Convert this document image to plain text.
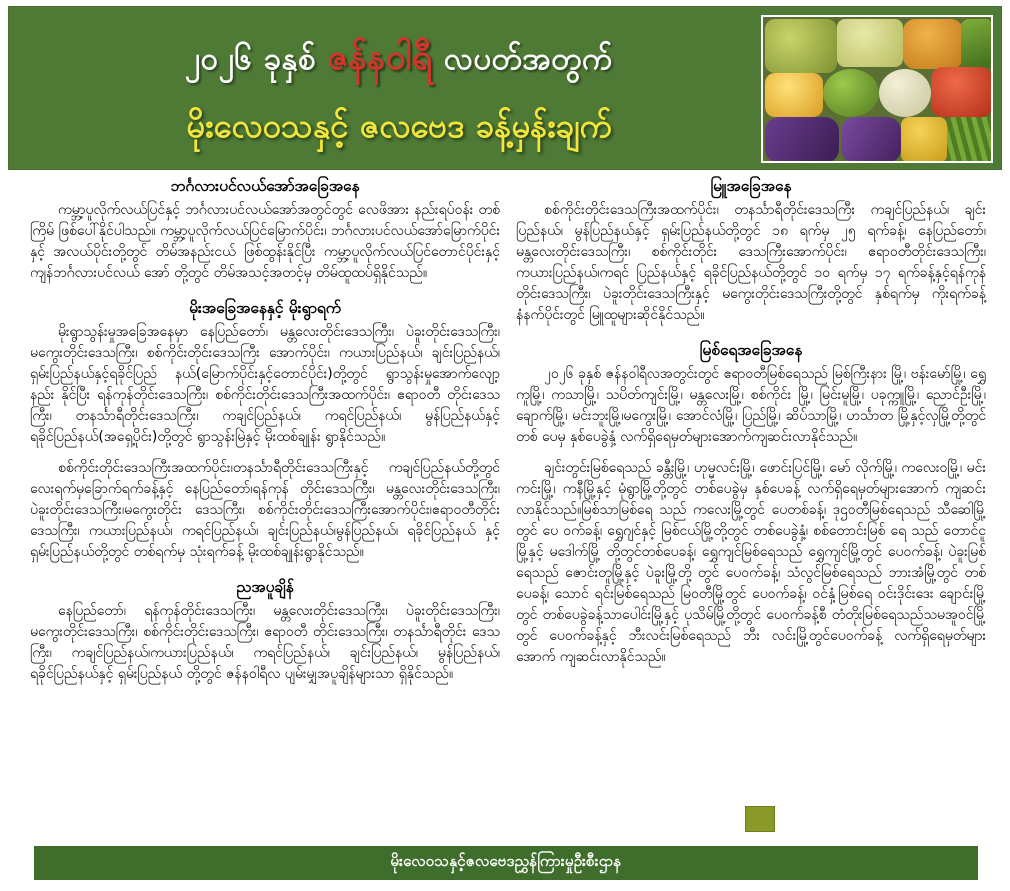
၂၀၂၆ ခုနှစ် ဇန်နဝါရီ လပတ်အတွက်
မိုးလေဝသနှင့် ဇလဗေဒ ခန့်မှန်းချက်
ဘင်္ဂလားပင်လယ်အော်အခြေအနေ

ကမ္ဘာ့ပူလိုက်လယ်ပြင်နှင့် ဘင်္ဂလားပင်လယ်အော်အတွင်တွင် လေဖိအား နည်းရပ်ဝန်း တစ်ကြိမ် ဖြစ်ပေါ်နိုင်ပါသည်။ ကမ္ဘာ့ပူလိုက်လယ်ပြင်မြောက်ပိုင်း၊ ဘင်္ဂလားပင်လယ်အော်မြောက်ပိုင်းနှင့် အလယ်ပိုင်းတို့တွင် တိမ်အနည်းငယ် ဖြစ်ထွန်းနိုင်ပြီး ကမ္ဘာ့ပူလိုက်လယ်ပြင်တောင်ပိုင်းနှင့် ကျန်ဘင်္ဂလားပင်လယ် အော် တို့တွင် တိမ်အသင့်အတင့်မှ တိမ်ထူထပ်ရှိနိုင်သည်။

မိုးအခြေအနေနှင့် မိုးရွာရက်

မိုးရွာသွန်းမှုအခြေအနေမှာ နေပြည်တော်၊ မန္တလေးတိုင်းဒေသကြီး၊ ပဲခူးတိုင်းဒေသကြီး၊ မကွေးတိုင်းဒေသကြီး၊ စစ်ကိုင်းတိုင်းဒေသကြီး အောက်ပိုင်း၊ ကယားပြည်နယ်၊ ချင်းပြည်နယ်၊ ရှမ်းပြည်နယ်နှင့်ရခိုင်ပြည် နယ်(မြောက်ပိုင်းနှင့်တောင်ပိုင်း)တို့တွင် ရွာသွန်းမှုအောက်လျော့ နည်း နိုင်ပြီး ရန်ကုန်တိုင်းဒေသကြီး၊ စစ်ကိုင်းတိုင်းဒေသကြီးအထက်ပိုင်း၊ ဧရာဝတီ တိုင်းဒေသကြီး၊ တနင်္သာရီတိုင်းဒေသကြီး၊ ကချင်ပြည်နယ်၊ ကရင်ပြည်နယ်၊ မွန်ပြည်နယ်နှင့် ရခိုင်ပြည်နယ်(အရှေ့ပိုင်း)တို့တွင် ရွာသွန်းမြဲနှင့် မိုးထစ်ချုန်း ရွာနိုင်သည်။

စစ်ကိုင်းတိုင်းဒေသကြီးအထက်ပိုင်း၊တနင်္သာရီတိုင်းဒေသကြီးနှင့် ကချင်ပြည်နယ်တို့တွင် လေးရက်မှခြောက်ရက်ခန့်နှင့် နေပြည်တော်၊ရန်ကုန် တိုင်းဒေသကြီး၊ မန္တလေးတိုင်းဒေသကြီး၊ ပဲခူးတိုင်းဒေသကြီး၊မကွေးတိုင်း ဒေသကြီး၊ စစ်ကိုင်းတိုင်းဒေသကြီးအောက်ပိုင်း၊ဧရာဝတီတိုင်း ဒေသကြီး၊ ကယားပြည်နယ်၊ ကရင်ပြည်နယ်၊ ချင်းပြည်နယ်၊မွန်ပြည်နယ်၊ ရခိုင်ပြည်နယ် နှင့် ရှမ်းပြည်နယ်တို့တွင် တစ်ရက်မှ သုံးရက်ခန့် မိုးထစ်ချုန်းရွာနိုင်သည်။

ညအပူချိန်

နေပြည်တော်၊ ရန်ကုန်တိုင်းဒေသကြီး၊ မန္တလေးတိုင်းဒေသကြီး၊ ပဲခူးတိုင်းဒေသကြီး၊ မကွေးတိုင်းဒေသကြီး၊ စစ်ကိုင်းတိုင်းဒေသကြီး၊ ဧရာဝတီ တိုင်းဒေသကြီး၊ တနင်္သာရီတိုင်း ဒေသကြီး၊ ကချင်ပြည်နယ်၊ကယားပြည်နယ်၊ ကရင်ပြည်နယ်၊ ချင်းပြည်နယ်၊ မွန်ပြည်နယ်၊ ရခိုင်ပြည်နယ်နှင့် ရှမ်းပြည်နယ် တို့တွင် ဇန်နဝါရီလ ပျမ်းမျှအပူချိန်များသာ ရှိနိုင်သည်။

မြူအခြေအနေ

စစ်ကိုင်းတိုင်းဒေသကြီးအထက်ပိုင်း၊ တနင်္သာရီတိုင်းဒေသကြီး ကချင်ပြည်နယ်၊ ချင်း ပြည်နယ်၊ မွန်ပြည်နယ်နှင့် ရှမ်းပြည်နယ်တို့တွင် ၁၈ ရက်မှ ၂၅ ရက်ခန့်၊ နေပြည်တော်၊ မန္တလေးတိုင်းဒေသကြီး၊ စစ်ကိုင်းတိုင်း ဒေသကြီးအောက်ပိုင်း၊ ဧရာဝတီတိုင်းဒေသကြီး၊ ကယားပြည်နယ်၊ကရင် ပြည်နယ်နှင့် ရခိုင်ပြည်နယ်တို့တွင် ၁၀ ရက်မှ ၁၇ ရက်ခန့်နှင့်ရန်ကုန် တိုင်းဒေသကြီး၊ ပဲခူးတိုင်းဒေသကြီးနှင့် မကွေးတိုင်းဒေသကြီးတို့တွင် နှစ်ရက်မှ ကိုးရက်ခန့် နံနက်ပိုင်းတွင် မြူထူများဆိုင်နိုင်သည်။

မြစ်ရေအခြေအနေ

၂၀၂၆ ခုနှစ် ဇန်နဝါရီလအတွင်းတွင် ဧရာဝတီမြစ်ရေသည် မြစ်ကြီးနား မြို့၊ ဗန်းမော်မြို့၊ ရွှေကူမြို့၊ ကသာမြို့၊ သပိတ်ကျင်းမြို့၊ မန္တလေးမြို့၊ စစ်ကိုင်း မြို့၊ မြင်းမူမြို့၊ ပခုက္ကူမြို့၊ ညောင်ဦးမြို့၊ ချောက်မြို့၊ မင်းဘူးမြို့၊မကွေးမြို့၊ အောင်လံမြို့၊ ပြည်မြို့၊ ဆိပ်သာမြို့၊ ဟင်္သာတ မြို့နှင့်လှမြို့တို့တွင် တစ် ပေမှ နှစ်ပေခွဲနှံ့ လက်ရှိရေမှတ်များအောက်ကျဆင်းလာနိုင်သည်။

ချင်းတွင်းမြစ်ရေသည် ခန္တီးမြို့၊ ဟုမ္မလင်းမြို့၊ ဖောင်းပြင်မြို့၊ မော် လိုက်မြို့၊ ကလေးဝမြို့၊ မင်းကင်းမြို့၊ ကနီမြို့နှင့် မုံရွာမြို့တို့တွင် တစ်ပေခွဲမှ နှစ်ပေခန့် လက်ရှိရေမှတ်များအောက် ကျဆင်းလာနိုင်သည်။မြစ်သာမြစ်ရေ သည် ကလေးမြို့တွင် ပေတစ်ခန့်၊ ဒုဌဝတီမြစ်ရေသည် သီဆေါမြို့တွင် ပေ ဝက်ခန့်၊ ရွှေဂျင်နှင့် မြစ်ငယ်မြို့တို့တွင် တစ်ပေခွဲနှံ့၊ စစ်တောင်းမြစ် ရေ သည် တောင်ငူမြို့နှင့် မဒေါက်မြို့ တို့တွင်တစ်ပေခန့်၊ ရွှေကျင်မြစ်ရေသည် ရွှေကျင်မြို့တွင် ပေဝက်ခန့်၊ ပဲခူးမြစ်ရေသည် ဇောင်းတူမြို့နှင့် ပဲခူးမြို့တို့ တွင် ပေဝက်ခန့်၊ သံလွင်မြစ်ရေသည် ဘားအံမြို့တွင် တစ်ပေခန့်၊ သောင် ရင်းမြစ်ရေသည် မြဝတီမြို့တွင် ပေဝက်ခန့်၊ ဝင်နှံ့မြစ်ရေ ဝင်းဒိုင်းဒေး ချောင်းမြို့တွင် တစ်ပေခွဲခန့်သာပေါင်းမြို့နှင့် ပုသိမ်မြို့တို့တွင် ပေဝက်ခန့်စီ တံတိုးမြစ်ရေသည်သမအူဝင်မြို့တွင် ပေဝက်ခန့်နှင့် ဘီးလင်းမြစ်ရေသည် ဘီး လင်းမြို့တွင်ပေဝက်ခန့် လက်ရှိရေမှတ်များအောက် ကျဆင်းလာနိုင်သည်။

မိုးလေဝသနှင့်ဇလဗေဒညွှန်ကြားမှုဦးစီးဌာန
